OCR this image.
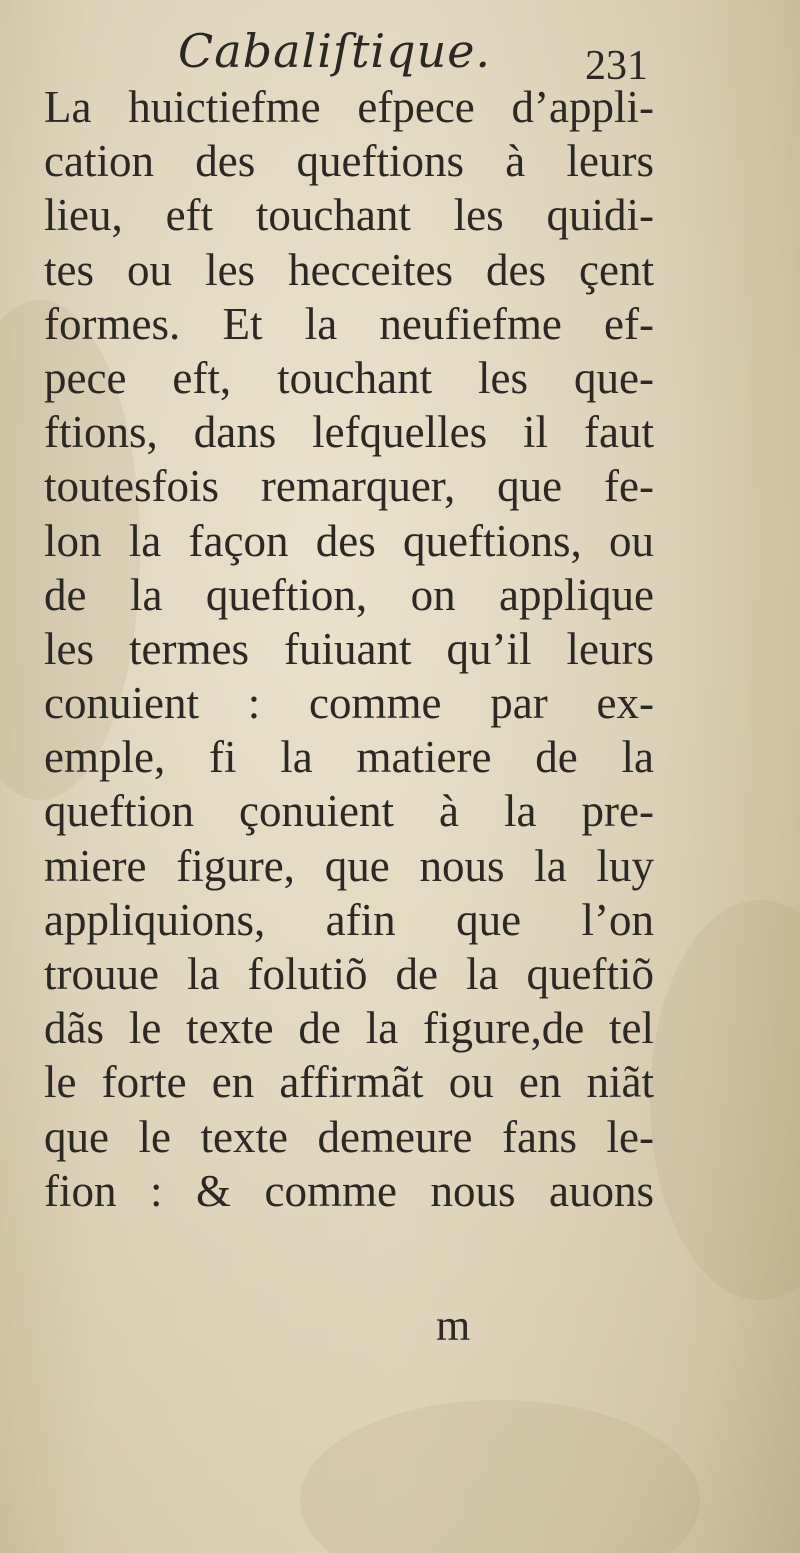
Cabaliſtique. 231
La huictiefme efpece d’appli-
cation des queftions à leurs
lieu, eft touchant les quidi-
tes ou les hecceites des çent
formes. Et la neufiefme ef-
pece eft, touchant les que-
ftions, dans lefquelles il faut
toutesfois remarquer, que fe-
lon la façon des queftions, ou
de la queftion, on applique
les termes fuiuant qu’il leurs
conuient : comme par ex-
emple, fi la matiere de la
queftion çonuient à la pre-
miere figure, que nous la luy
appliquions, afin que l’on
trouue la folutiõ de la queftiõ
dãs le texte de la figure,de tel
le forte en affirmãt ou en niãt
que le texte demeure fans le-
fion : & comme nous auons
m
